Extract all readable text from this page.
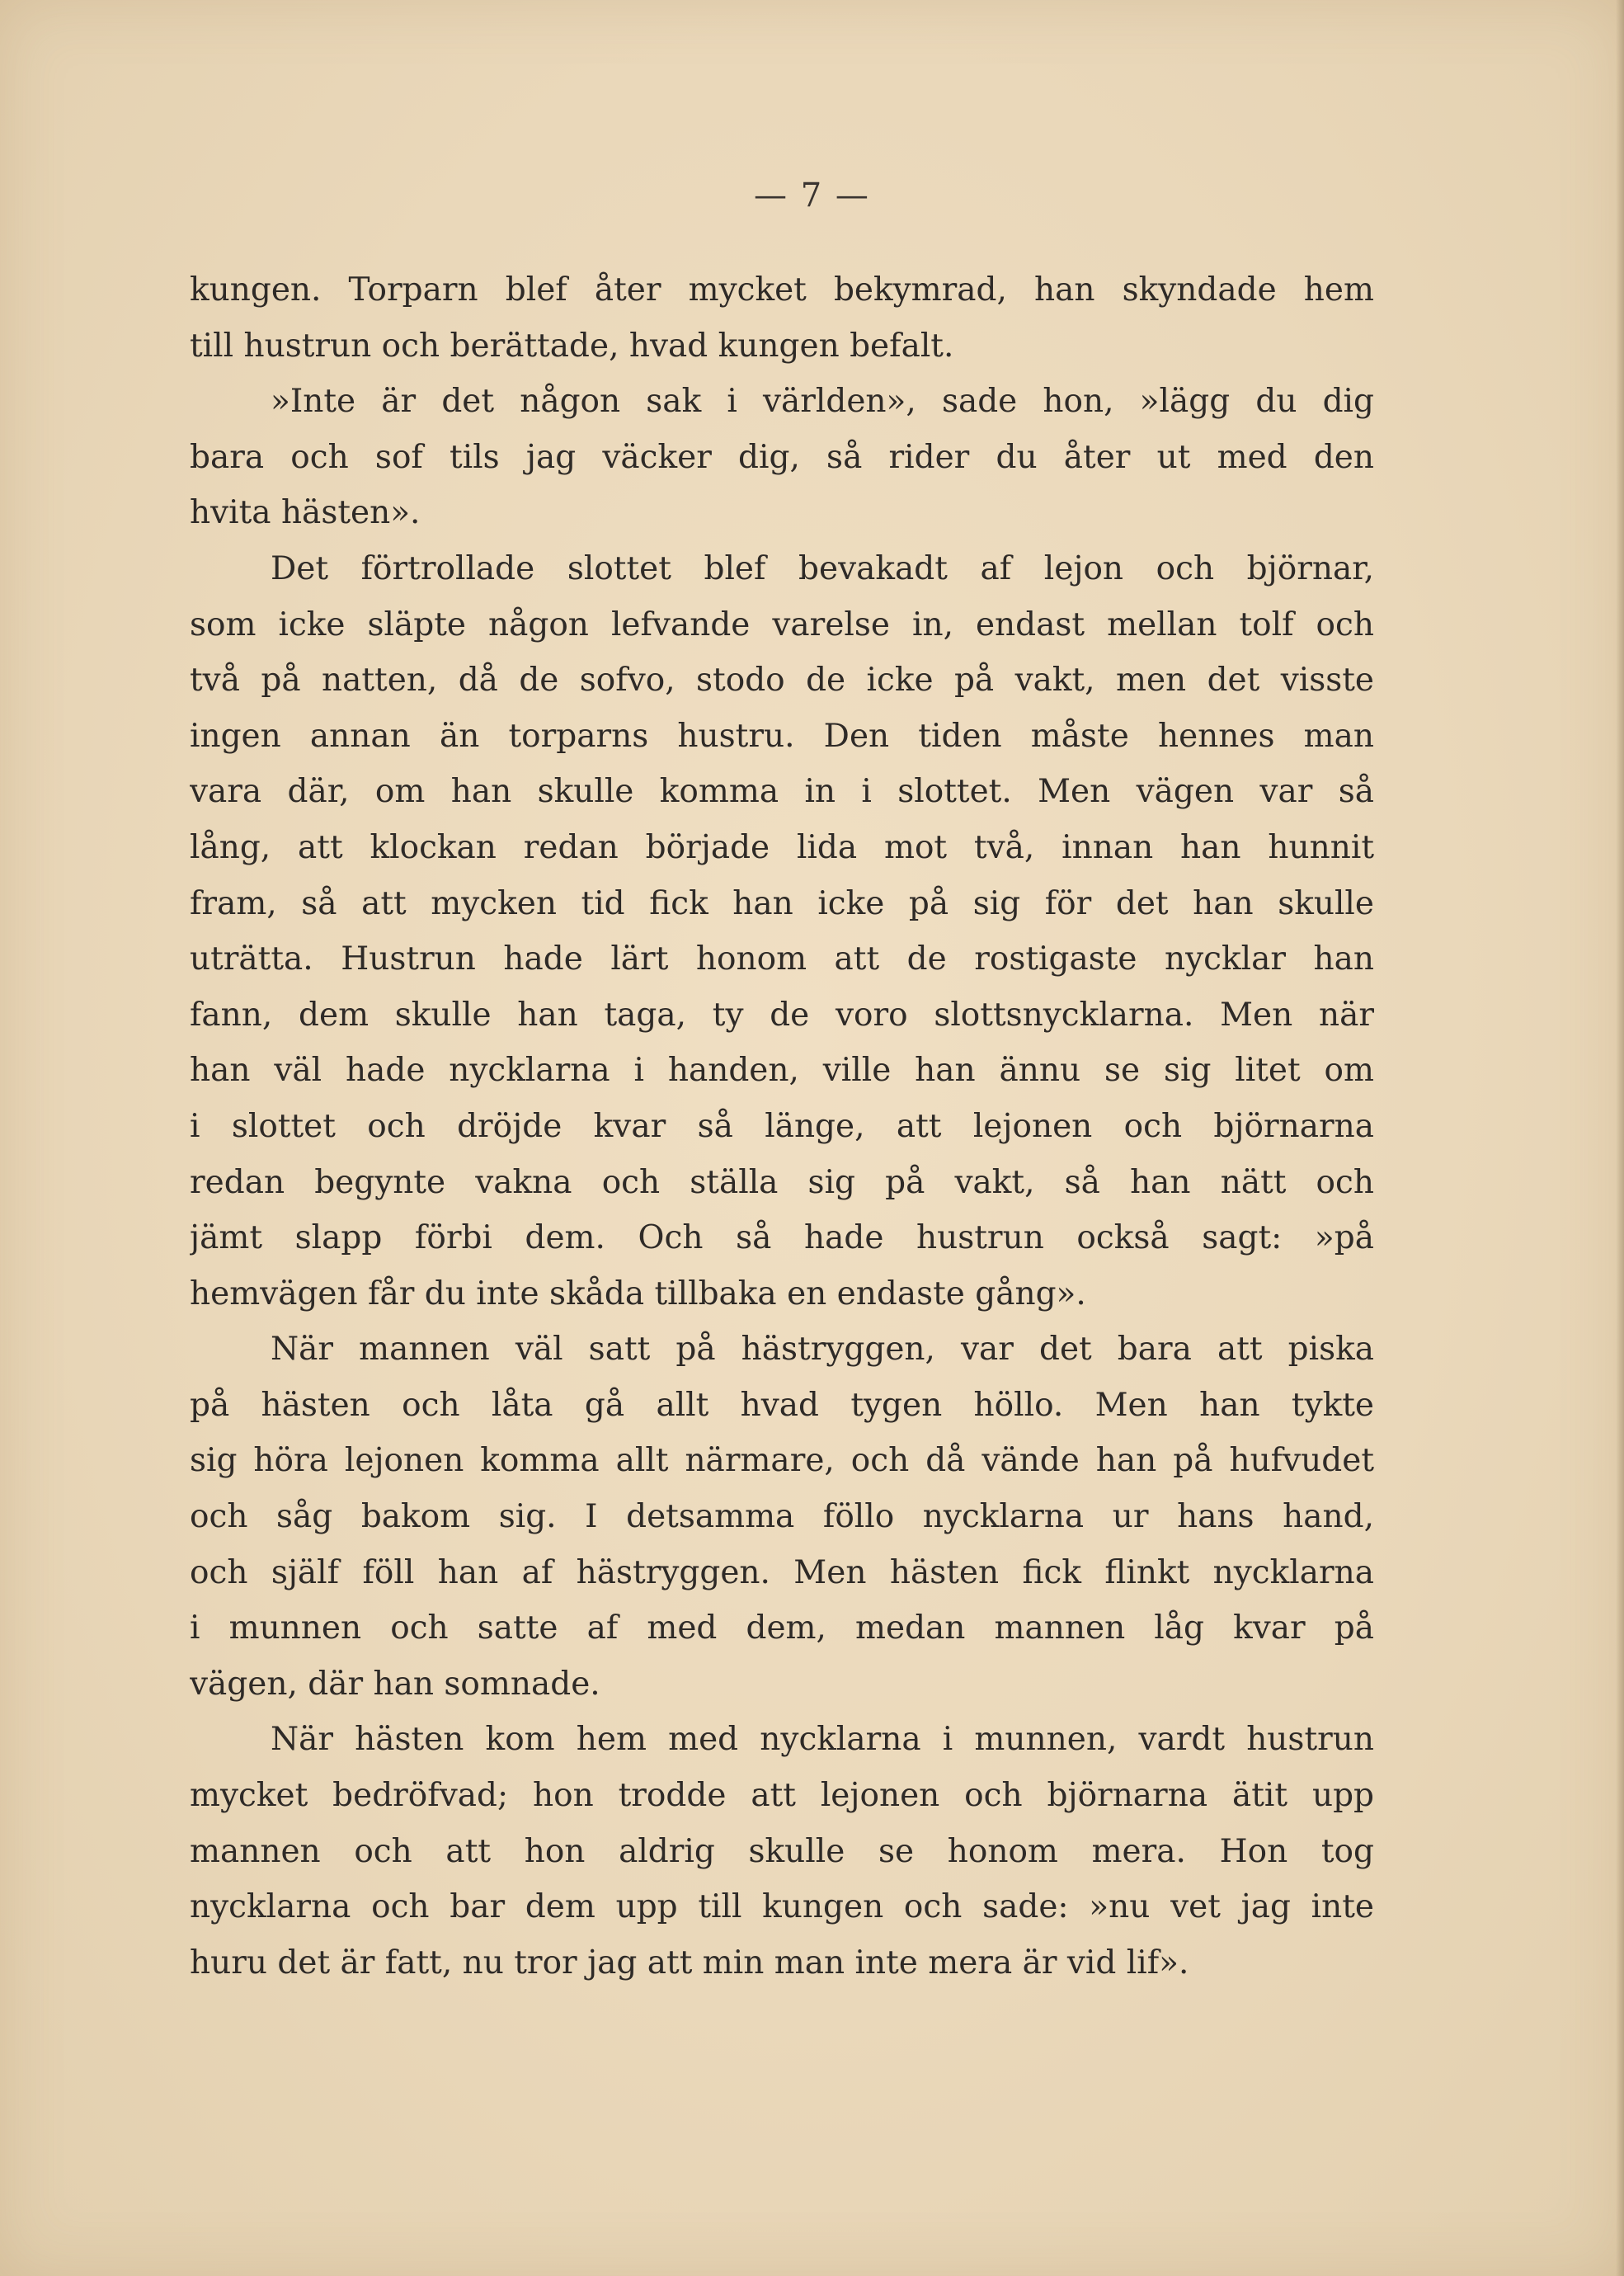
— 7 —
kungen. Torparn blef åter mycket bekymrad, han skyndade hem
till hustrun och berättade, hvad kungen befalt.
»Inte är det någon sak i världen», sade hon, »lägg du dig
bara och sof tils jag väcker dig, så rider du åter ut med den
hvita hästen».
Det förtrollade slottet blef bevakadt af lejon och björnar,
som icke släpte någon lefvande varelse in, endast mellan tolf och
två på natten, då de sofvo, stodo de icke på vakt, men det visste
ingen annan än torparns hustru. Den tiden måste hennes man
vara där, om han skulle komma in i slottet. Men vägen var så
lång, att klockan redan började lida mot två, innan han hunnit
fram, så att mycken tid fick han icke på sig för det han skulle
uträtta. Hustrun hade lärt honom att de rostigaste nycklar han
fann, dem skulle han taga, ty de voro slottsnycklarna. Men när
han väl hade nycklarna i handen, ville han ännu se sig litet om
i slottet och dröjde kvar så länge, att lejonen och björnarna
redan begynte vakna och ställa sig på vakt, så han nätt och
jämt slapp förbi dem. Och så hade hustrun också sagt: »på
hemvägen får du inte skåda tillbaka en endaste gång».
När mannen väl satt på hästryggen, var det bara att piska
på hästen och låta gå allt hvad tygen höllo. Men han tykte
sig höra lejonen komma allt närmare, och då vände han på hufvudet
och såg bakom sig. I detsamma föllo nycklarna ur hans hand,
och själf föll han af hästryggen. Men hästen fick flinkt nycklarna
i munnen och satte af med dem, medan mannen låg kvar på
vägen, där han somnade.
När hästen kom hem med nycklarna i munnen, vardt hustrun
mycket bedröfvad; hon trodde att lejonen och björnarna ätit upp
mannen och att hon aldrig skulle se honom mera. Hon tog
nycklarna och bar dem upp till kungen och sade: »nu vet jag inte
huru det är fatt, nu tror jag att min man inte mera är vid lif».
